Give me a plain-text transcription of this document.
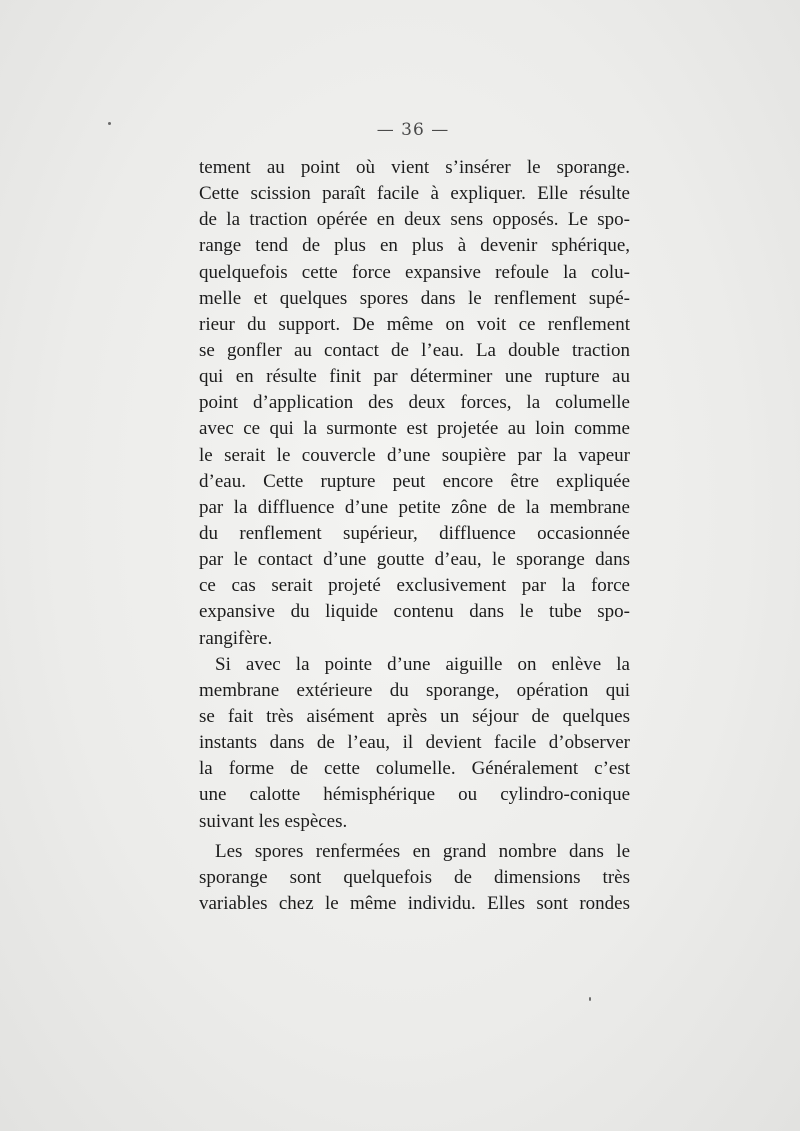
— 36 —
tement au point où vient s’insérer le sporange.
Cette scission paraît facile à expliquer. Elle résulte
de la traction opérée en deux sens opposés. Le spo-
range tend de plus en plus à devenir sphérique,
quelquefois cette force expansive refoule la colu-
melle et quelques spores dans le renflement supé-
rieur du support. De même on voit ce renflement
se gonfler au contact de l’eau. La double traction
qui en résulte finit par déterminer une rupture au
point d’application des deux forces, la columelle
avec ce qui la surmonte est projetée au loin comme
le serait le couvercle d’une soupière par la vapeur
d’eau. Cette rupture peut encore être expliquée
par la diffluence d’une petite zône de la membrane
du renflement supérieur, diffluence occasionnée
par le contact d’une goutte d’eau, le sporange dans
ce cas serait projeté exclusivement par la force
expansive du liquide contenu dans le tube spo-
rangifère.
Si avec la pointe d’une aiguille on enlève la
membrane extérieure du sporange, opération qui
se fait très aisément après un séjour de quelques
instants dans de l’eau, il devient facile d’observer
la forme de cette columelle. Généralement c’est
une calotte hémisphérique ou cylindro-conique
suivant les espèces.
Les spores renfermées en grand nombre dans le
sporange sont quelquefois de dimensions très
variables chez le même individu. Elles sont rondes
